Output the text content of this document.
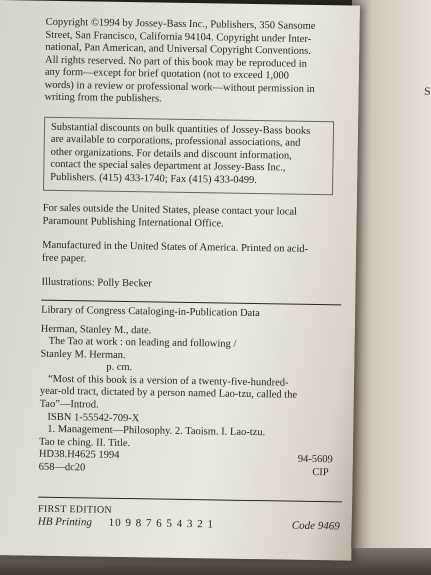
S
Copyright ©1994 by Jossey-Bass Inc., Publishers, 350 Sansome
Street, San Francisco, California 94104. Copyright under Inter-
national, Pan American, and Universal Copyright Conventions.
All rights reserved. No part of this book may be reproduced in
any form—except for brief quotation (not to exceed 1,000
words) in a review or professional work—without permission in
writing from the publishers.
Substantial discounts on bulk quantities of Jossey-Bass books
are available to corporations, professional associations, and
other organizations. For details and discount information,
contact the special sales department at Jossey-Bass Inc.,
Publishers. (415) 433-1740; Fax (415) 433-0499.
For sales outside the United States, please contact your local
Paramount Publishing International Office.
Manufactured in the United States of America. Printed on acid-
free paper.
Illustrations: Polly Becker
Library of Congress Cataloging-in-Publication Data
Herman, Stanley M., date.
The Tao at work : on leading and following /
Stanley M. Herman.
p. cm.
“Most of this book is a version of a twenty-five-hundred-
year-old tract, dictated by a person named Lao-tzu, called the
Tao”—Introd.
ISBN 1-55542-709-X
1. Management—Philosophy. 2. Taoism. I. Lao-tzu.
Tao te ching. II. Title.
HD38.H4625 1994
658—dc20
94-5609
CIP
FIRST EDITION
HB Printing 10 9 8 7 6 5 4 3 2 1	Code 9469
